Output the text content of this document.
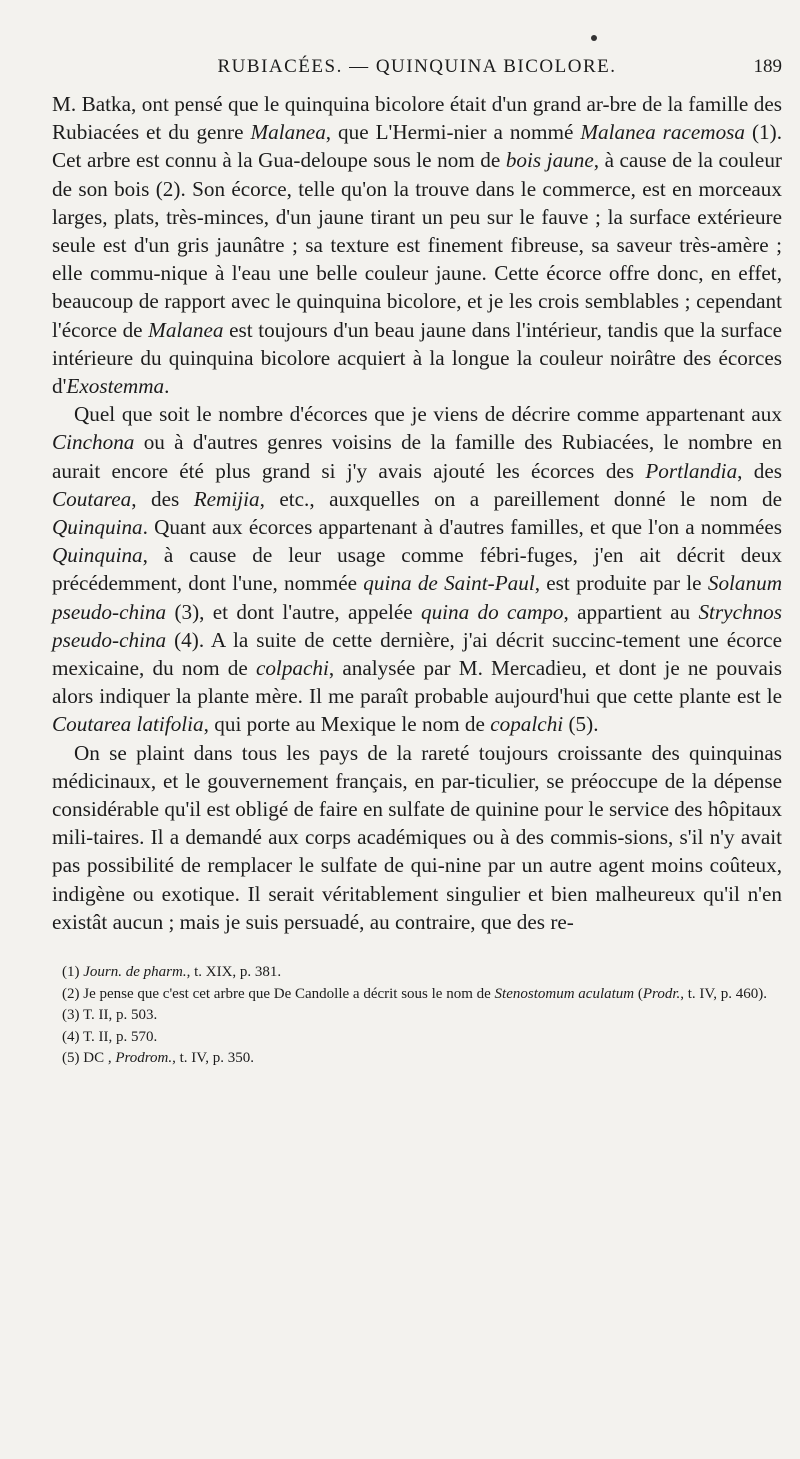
RUBIACÉES. — QUINQUINA BICOLORE.	189

M. Batka, ont pensé que le quinquina bicolore était d'un grand ar-bre de la famille des Rubiacées et du genre Malanea, que L'Hermi-nier a nommé Malanea racemosa (1). Cet arbre est connu à la Gua-deloupe sous le nom de bois jaune, à cause de la couleur de son bois (2). Son écorce, telle qu'on la trouve dans le commerce, est en morceaux larges, plats, très-minces, d'un jaune tirant un peu sur le fauve ; la surface extérieure seule est d'un gris jaunâtre ; sa texture est finement fibreuse, sa saveur très-amère ; elle commu-nique à l'eau une belle couleur jaune. Cette écorce offre donc, en effet, beaucoup de rapport avec le quinquina bicolore, et je les crois semblables ; cependant l'écorce de Malanea est toujours d'un beau jaune dans l'intérieur, tandis que la surface intérieure du quinquina bicolore acquiert à la longue la couleur noirâtre des écorces d'Exostemma.

Quel que soit le nombre d'écorces que je viens de décrire comme appartenant aux Cinchona ou à d'autres genres voisins de la famille des Rubiacées, le nombre en aurait encore été plus grand si j'y avais ajouté les écorces des Portlandia, des Coutarea, des Remijia, etc., auxquelles on a pareillement donné le nom de Quinquina. Quant aux écorces appartenant à d'autres familles, et que l'on a nommées Quinquina, à cause de leur usage comme fébri-fuges, j'en ait décrit deux précédemment, dont l'une, nommée quina de Saint-Paul, est produite par le Solanum pseudo-china (3), et dont l'autre, appelée quina do campo, appartient au Strychnos pseudo-china (4). A la suite de cette dernière, j'ai décrit succinc-tement une écorce mexicaine, du nom de colpachi, analysée par M. Mercadieu, et dont je ne pouvais alors indiquer la plante mère. Il me paraît probable aujourd'hui que cette plante est le Coutarea latifolia, qui porte au Mexique le nom de copalchi (5).

On se plaint dans tous les pays de la rareté toujours croissante des quinquinas médicinaux, et le gouvernement français, en par-ticulier, se préoccupe de la dépense considérable qu'il est obligé de faire en sulfate de quinine pour le service des hôpitaux mili-taires. Il a demandé aux corps académiques ou à des commis-sions, s'il n'y avait pas possibilité de remplacer le sulfate de qui-nine par un autre agent moins coûteux, indigène ou exotique. Il serait véritablement singulier et bien malheureux qu'il n'en existât aucun ; mais je suis persuadé, au contraire, que des re-

(1) Journ. de pharm., t. XIX, p. 381.

(2) Je pense que c'est cet arbre que De Candolle a décrit sous le nom de Stenostomum aculatum (Prodr., t. IV, p. 460).

(3) T. II, p. 503.

(4) T. II, p. 570.

(5) DC , Prodrom., t. IV, p. 350.
